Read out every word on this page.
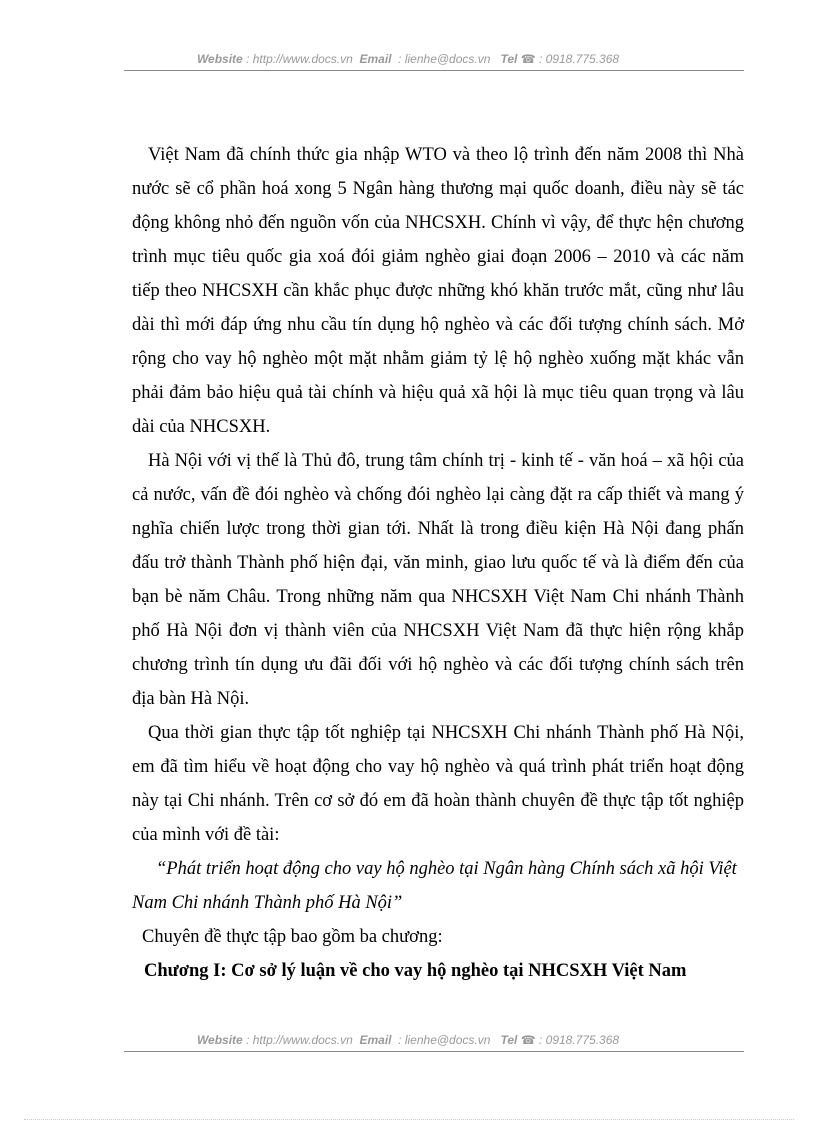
Website : http://www.docs.vn Email  : lienhe@docs.vn Tel ☎ : 0918.775.368

Việt Nam đã chính thức gia nhập WTO và theo lộ trình đến năm 2008 thì Nhà nước sẽ cổ phần hoá xong 5 Ngân hàng thương mại quốc doanh, điều này sẽ tác động không nhỏ đến nguồn vốn của NHCSXH. Chính vì vậy, để thực hện chương trình mục tiêu quốc gia xoá đói giảm nghèo giai đoạn 2006 – 2010 và các năm tiếp theo NHCSXH cần khắc phục được những khó khăn trước mắt, cũng như lâu dài thì mới đáp ứng nhu cầu tín dụng hộ nghèo và các đối tượng chính sách. Mở rộng cho vay hộ nghèo một mặt nhằm giảm tỷ lệ hộ nghèo xuống mặt khác vẫn phải đảm bảo hiệu quả tài chính và hiệu quả xã hội là mục tiêu quan trọng và lâu dài của NHCSXH.

Hà Nội với vị thế là Thủ đô, trung tâm chính trị - kinh tế - văn hoá – xã hội của cả nước, vấn đề đói nghèo và chống đói nghèo lại càng đặt ra cấp thiết và mang ý nghĩa chiến lược trong thời gian tới. Nhất là trong điều kiện Hà Nội đang phấn đấu trở thành Thành phố hiện đại, văn minh, giao lưu quốc tế và là điểm đến của bạn bè năm Châu. Trong những năm qua NHCSXH Việt Nam Chi nhánh Thành phố Hà Nội đơn vị thành viên của NHCSXH Việt Nam đã thực hiện rộng khắp chương trình tín dụng ưu đãi đối với hộ nghèo và các đối tượng chính sách trên địa bàn Hà Nội.

Qua thời gian thực tập tốt nghiệp tại NHCSXH Chi nhánh Thành phố Hà Nội, em đã tìm hiểu về hoạt động cho vay hộ nghèo và quá trình phát triển hoạt động này tại Chi nhánh. Trên cơ sở đó em đã hoàn thành chuyên đề thực tập tốt nghiệp của mình với đề tài:

“Phát triển hoạt động cho vay hộ nghèo tại Ngân hàng Chính sách xã hội Việt Nam Chi nhánh Thành phố Hà Nội”

Chuyên đề thực tập bao gồm ba chương:

Chương I: Cơ sở lý luận về cho vay hộ nghèo tại NHCSXH Việt Nam

Website : http://www.docs.vn Email  : lienhe@docs.vn Tel ☎ : 0918.775.368
